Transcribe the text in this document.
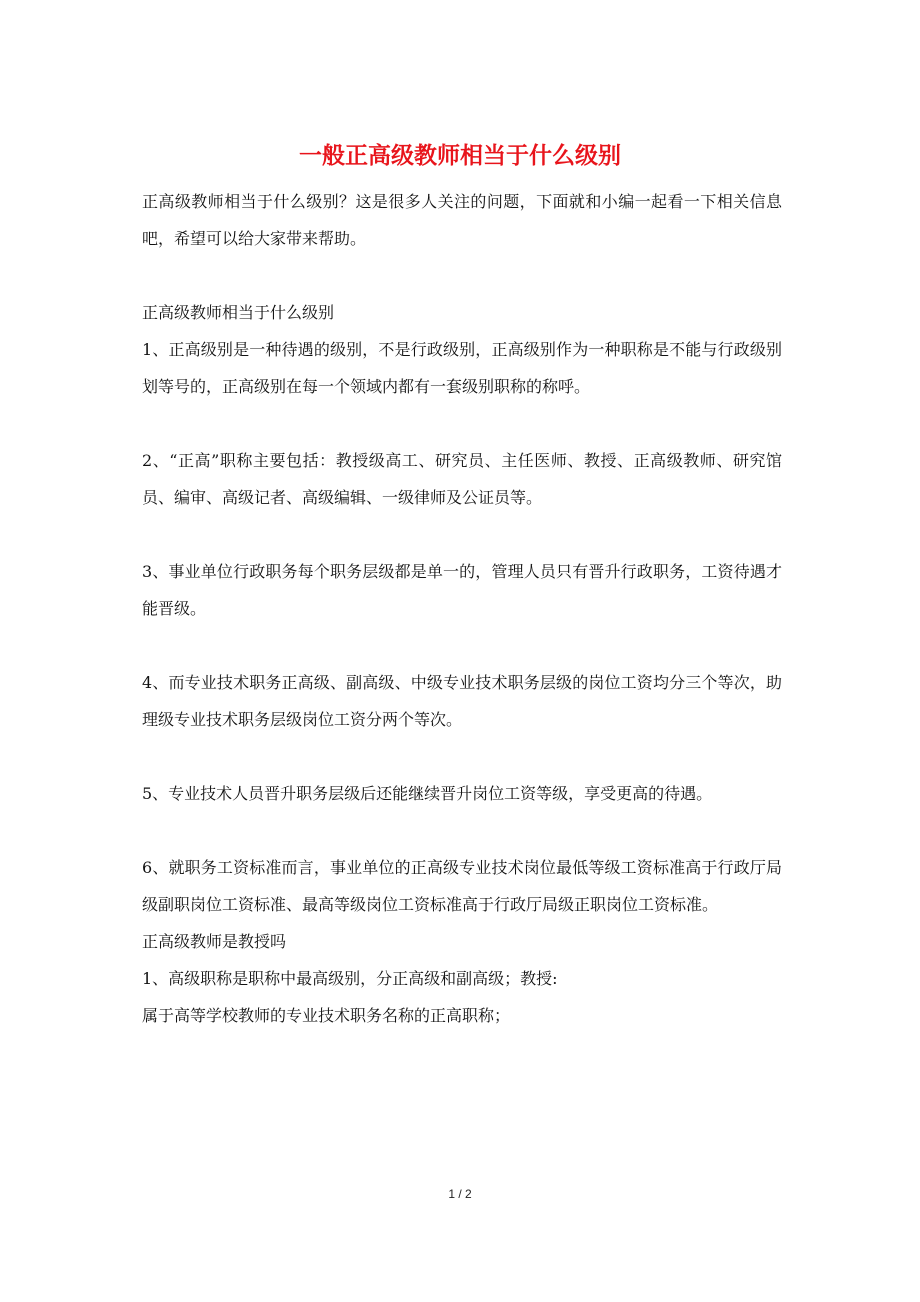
一般正高级教师相当于什么级别

正高级教师相当于什么级别？这是很多人关注的问题，下面就和小编一起看一下相关信息吧，希望可以给大家带来帮助。

正高级教师相当于什么级别

1、正高级别是一种待遇的级别，不是行政级别，正高级别作为一种职称是不能与行政级别划等号的，正高级别在每一个领域内都有一套级别职称的称呼。

2、“正高”职称主要包括：教授级高工、研究员、主任医师、教授、正高级教师、研究馆员、编审、高级记者、高级编辑、一级律师及公证员等。

3、事业单位行政职务每个职务层级都是单一的，管理人员只有晋升行政职务，工资待遇才能晋级。

4、而专业技术职务正高级、副高级、中级专业技术职务层级的岗位工资均分三个等次，助理级专业技术职务层级岗位工资分两个等次。

5、专业技术人员晋升职务层级后还能继续晋升岗位工资等级，享受更高的待遇。

6、就职务工资标准而言，事业单位的正高级专业技术岗位最低等级工资标准高于行政厅局级副职岗位工资标准、最高等级岗位工资标准高于行政厅局级正职岗位工资标准。

正高级教师是教授吗

1、高级职称是职称中最高级别，分正高级和副高级；教授:

属于高等学校教师的专业技术职务名称的正高职称；

1 / 2
